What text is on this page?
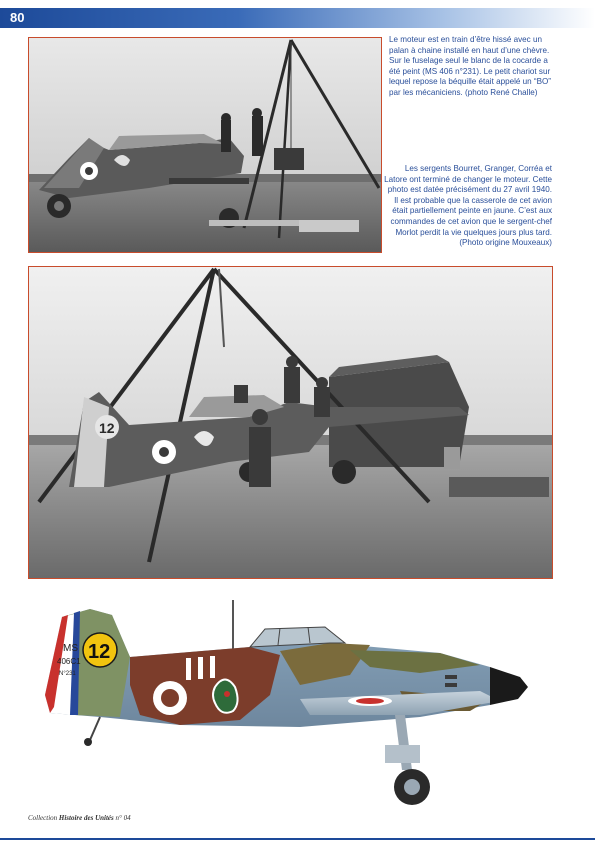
80
Le moteur est en train d’être hissé avec un palan à chaine installé en haut d’une chèvre. Sur le fuselage seul le blanc de la cocarde a été peint (MS 406 n°231). Le petit chariot sur lequel repose la béquille était appelé un “BO” par les mécaniciens. (photo René Challe)
Les sergents Bourret, Granger, Corréa et Latore ont terminé de changer le moteur. Cette photo est datée précisément du 27 avril 1940. Il est probable que la casserole de cet avion était partiellement peinte en jaune. C’est aux commandes de cet avion que le sergent-chef Morlot perdit la vie quelques jours plus tard. (Photo origine Mouxeaux)
12
MS
406C1
N°231
12
Collection Histoire des Unités n° 04
